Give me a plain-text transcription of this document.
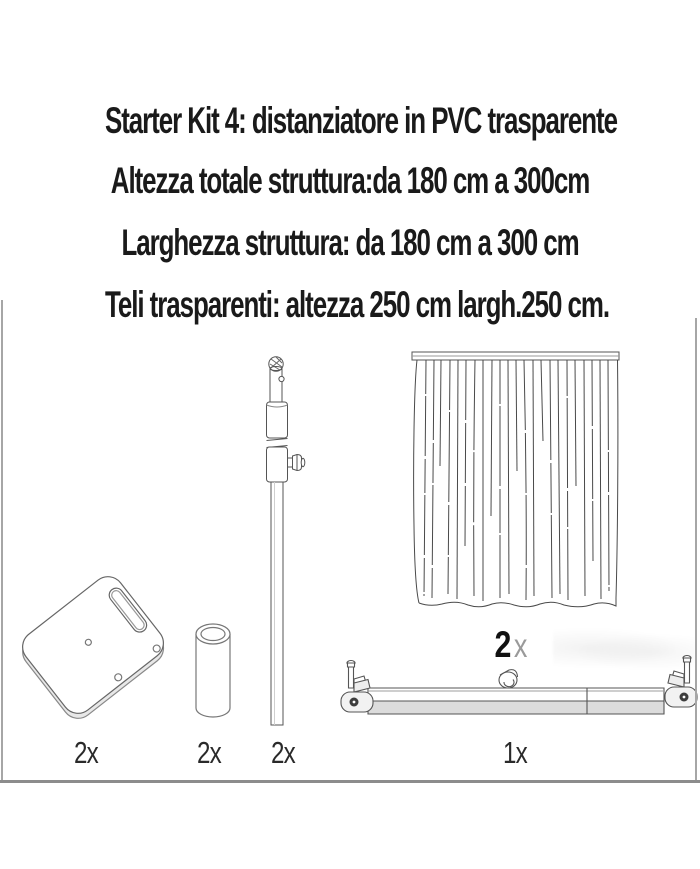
Starter Kit 4: distanziatore in PVC trasparente
Altezza totale struttura:da 180 cm a 300cm
Larghezza struttura: da 180 cm a 300 cm
Teli trasparenti: altezza 250 cm largh.250 cm.
2x	2x 2x	1x
2x
